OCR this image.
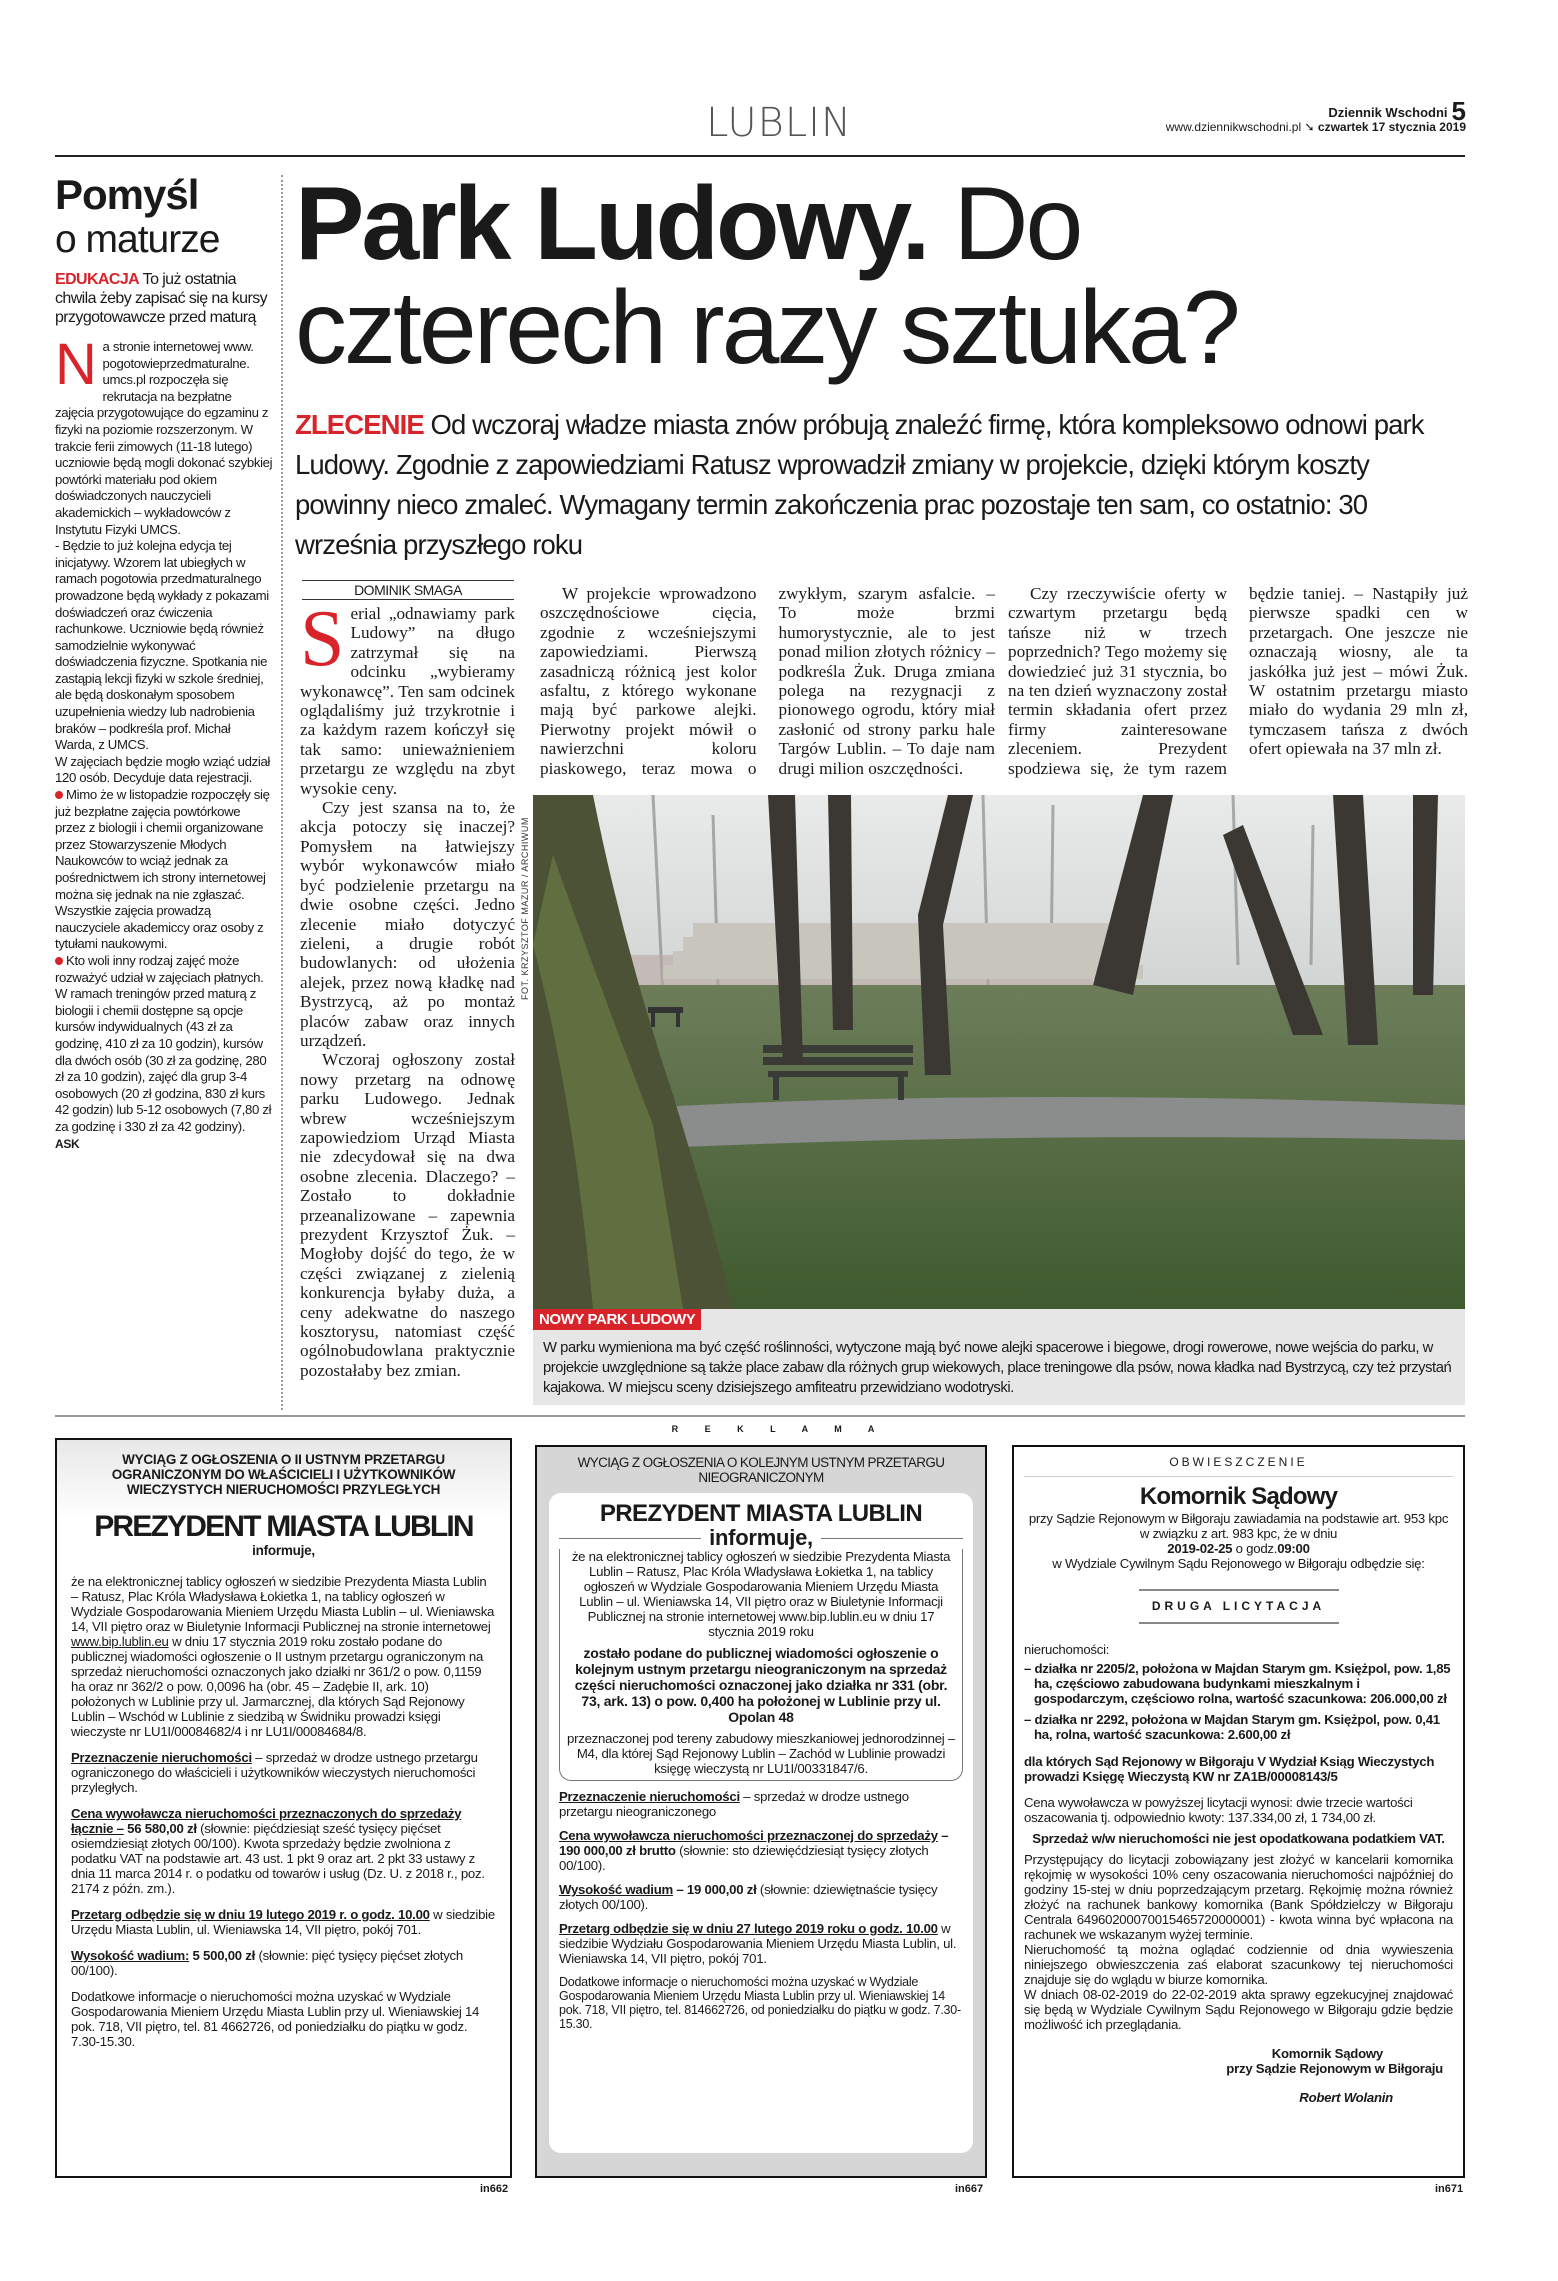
LUBLIN	Dziennik Wschodni 5
www.dziennikwschodni.pl ➘ czwartek 17 stycznia 2019
Pomyśl
o maturze
EDUKACJA To już ostatnia chwila żeby zapisać się na kursy przygotowawcze przed maturą

Na stronie internetowej www. pogotowieprzedmaturalne. umcs.pl rozpoczęła się rekrutacja na bezpłatne zajęcia przygotowujące do egzaminu z fizyki na poziomie rozszerzonym. W trakcie ferii zimowych (11-18 lutego) uczniowie będą mogli dokonać szybkiej powtórki materiału pod okiem doświadczonych nauczycieli akademickich – wykładowców z Instytutu Fizyki UMCS.

- Będzie to już kolejna edycja tej inicjatywy. Wzorem lat ubiegłych w ramach pogotowia przedmaturalnego prowadzone będą wykłady z pokazami doświadczeń oraz ćwiczenia rachunkowe. Uczniowie będą również samodzielnie wykonywać doświadczenia fizyczne. Spotkania nie zastąpią lekcji fizyki w szkole średniej, ale będą doskonałym sposobem uzupełnienia wiedzy lub nadrobienia braków – podkreśla prof. Michał Warda, z UMCS.

W zajęciach będzie mogło wziąć udział 120 osób. Decyduje data rejestracji.

Mimo że w listopadzie rozpoczęły się już bezpłatne zajęcia powtórkowe przez z biologii i chemii organizowane przez Stowarzyszenie Młodych Naukowców to wciąż jednak za pośrednictwem ich strony internetowej można się jednak na nie zgłaszać. Wszystkie zajęcia prowadzą nauczyciele akademiccy oraz osoby z tytułami naukowymi.

Kto woli inny rodzaj zajęć może rozważyć udział w zajęciach płatnych. W ramach treningów przed maturą z biologii i chemii dostępne są opcje kursów indywidualnych (43 zł za godzinę, 410 zł za 10 godzin), kursów dla dwóch osób (30 zł za godzinę, 280 zł za 10 godzin), zajęć dla grup 3-4 osobowych (20 zł godzina, 830 zł kurs 42 godzin) lub 5-12 osobowych (7,80 zł za godzinę i 330 zł za 42 godziny).

ASK
Park Ludowy. Do
czterech razy sztuka?
ZLECENIE Od wczoraj władze miasta znów próbują znaleźć firmę, która kompleksowo odnowi park Ludowy. Zgodnie z zapowiedziami Ratusz wprowadził zmiany w projekcie, dzięki którym koszty powinny nieco zmaleć. Wymagany termin zakończenia prac pozostaje ten sam, co ostatnio: 30 września przyszłego roku
DOMINIK SMAGA

Serial „odnawiamy park Ludowy” na długo zatrzymał się na odcinku „wybieramy wykonawcę”. Ten sam odcinek oglądaliśmy już trzykrotnie i za każdym razem kończył się tak samo: unieważnieniem przetargu ze względu na zbyt wysokie ceny.

Czy jest szansa na to, że akcja potoczy się inaczej? Pomysłem na łatwiejszy wybór wykonawców miało być podzielenie przetargu na dwie osobne części. Jedno zlecenie miało dotyczyć zieleni, a drugie robót budowlanych: od ułożenia alejek, przez nową kładkę nad Bystrzycą, aż po montaż placów zabaw oraz innych urządzeń.

Wczoraj ogłoszony został nowy przetarg na odnowę parku Ludowego. Jednak wbrew wcześniejszym zapowiedziom Urząd Miasta nie zdecydował się na dwa osobne zlecenia. Dlaczego? – Zostało to dokładnie przeanalizowane – zapewnia prezydent Krzysztof Żuk. – Mogłoby dojść do tego, że w części związanej z zielenią konkurencja byłaby duża, a ceny adekwatne do naszego kosztorysu, natomiast część ogólnobudowlana praktycznie pozostałaby bez zmian.

W projekcie wprowadzono oszczędnościowe cięcia, zgodnie z wcześniejszymi zapowiedziami. Pierwszą zasadniczą różnicą jest kolor asfaltu, z którego wykonane mają być parkowe alejki. Pierwotny projekt mówił o nawierzchni koloru piaskowego, teraz mowa o zwykłym, szarym asfalcie. – To może brzmi humorystycznie, ale to jest ponad milion złotych różnicy – podkreśla Żuk. Druga zmiana polega na rezygnacji z pionowego ogrodu, który miał zasłonić od strony parku hale Targów Lublin. – To daje nam drugi milion oszczędności.

Czy rzeczywiście oferty w czwartym przetargu będą tańsze niż w trzech poprzednich? Tego możemy się dowiedzieć już 31 stycznia, bo na ten dzień wyznaczony został termin składania ofert przez firmy zainteresowane zleceniem. Prezydent spodziewa się, że tym razem będzie taniej. – Nastąpiły już pierwsze spadki cen w przetargach. One jeszcze nie oznaczają wiosny, ale ta jaskółka już jest – mówi Żuk. W ostatnim przetargu miasto miało do wydania 29 mln zł, tymczasem tańsza z dwóch ofert opiewała na 37 mln zł.

FOT. KRZYSZTOF MAZUR / ARCHIWUM
NOWY PARK LUDOWY
W parku wymieniona ma być część roślinności, wytyczone mają być nowe alejki spacerowe i biegowe, drogi rowerowe, nowe wejścia do parku, w projekcie uwzględnione są także place zabaw dla różnych grup wiekowych, place treningowe dla psów, nowa kładka nad Bystrzycą, czy też przystań kajakowa. W miejscu sceny dzisiejszego amfiteatru przewidziano wodotryski.
R E K L A M A
WYCIĄG Z OGŁOSZENIA O II USTNYM PRZETARGU OGRANICZONYM DO WŁAŚCICIELI I UŻYTKOWNIKÓW WIECZYSTYCH NIERUCHOMOŚCI PRZYLEGŁYCH
PREZYDENT MIASTA LUBLIN
informuje,

że na elektronicznej tablicy ogłoszeń w siedzibie Prezydenta Miasta Lublin – Ratusz, Plac Króla Władysława Łokietka 1, na tablicy ogłoszeń w Wydziale Gospodarowania Mieniem Urzędu Miasta Lublin – ul. Wieniawska 14, VII piętro oraz w Biuletynie Informacji Publicznej na stronie internetowej www.bip.lublin.eu w dniu 17 stycznia 2019 roku zostało podane do publicznej wiadomości ogłoszenie o II ustnym przetargu ograniczonym na sprzedaż nieruchomości oznaczonych jako działki nr 361/2 o pow. 0,1159 ha oraz nr 362/2 o pow. 0,0096 ha (obr. 45 – Zadębie II, ark. 10) położonych w Lublinie przy ul. Jarmarcznej, dla których Sąd Rejonowy Lublin – Wschód w Lublinie z siedzibą w Świdniku prowadzi księgi wieczyste nr LU1I/00084682/4 i nr LU1I/00084684/8.

Przeznaczenie nieruchomości – sprzedaż w drodze ustnego przetargu ograniczonego do właścicieli i użytkowników wieczystych nieruchomości przyległych.

Cena wywoławcza nieruchomości przeznaczonych do sprzedaży łącznie – 56 580,00 zł (słownie: pięćdziesiąt sześć tysięcy pięćset osiemdziesiąt złotych 00/100). Kwota sprzedaży będzie zwolniona z podatku VAT na podstawie art. 43 ust. 1 pkt 9 oraz art. 2 pkt 33 ustawy z dnia 11 marca 2014 r. o podatku od towarów i usług (Dz. U. z 2018 r., poz. 2174 z późn. zm.).

Przetarg odbędzie się w dniu 19 lutego 2019 r. o godz. 10.00 w siedzibie Urzędu Miasta Lublin, ul. Wieniawska 14, VII piętro, pokój 701.

Wysokość wadium: 5 500,00 zł (słownie: pięć tysięcy pięćset złotych 00/100).

Dodatkowe informacje o nieruchomości można uzyskać w Wydziale Gospodarowania Mieniem Urzędu Miasta Lublin przy ul. Wieniawskiej 14 pok. 718, VII piętro, tel. 81 4662726, od poniedziałku do piątku w godz. 7.30-15.30.

in662
WYCIĄG Z OGŁOSZENIA O KOLEJNYM USTNYM PRZETARGU NIEOGRANICZONYM
PREZYDENT MIASTA LUBLIN
informuje,
że na elektronicznej tablicy ogłoszeń w siedzibie Prezydenta Miasta Lublin – Ratusz, Plac Króla Władysława Łokietka 1, na tablicy ogłoszeń w Wydziale Gospodarowania Mieniem Urzędu Miasta Lublin – ul. Wieniawska 14, VII piętro oraz w Biuletynie Informacji Publicznej na stronie internetowej www.bip.lublin.eu w dniu 17 stycznia 2019 roku
zostało podane do publicznej wiadomości ogłoszenie o kolejnym ustnym przetargu nieograniczonym na sprzedaż części nieruchomości oznaczonej jako działka nr 331 (obr. 73, ark. 13) o pow. 0,400 ha położonej w Lublinie przy ul. Opolan 48
przeznaczonej pod tereny zabudowy mieszkaniowej jednorodzinnej – M4, dla której Sąd Rejonowy Lublin – Zachód w Lublinie prowadzi księgę wieczystą nr LU1I/00331847/6.

Przeznaczenie nieruchomości – sprzedaż w drodze ustnego przetargu nieograniczonego

Cena wywoławcza nieruchomości przeznaczonej do sprzedaży – 190 000,00 zł brutto (słownie: sto dziewięćdziesiąt tysięcy złotych 00/100).

Wysokość wadium – 19 000,00 zł (słownie: dziewiętnaście tysięcy złotych 00/100).

Przetarg odbędzie się w dniu 27 lutego 2019 roku o godz. 10.00 w siedzibie Wydziału Gospodarowania Mieniem Urzędu Miasta Lublin, ul. Wieniawska 14, VII piętro, pokój 701.

Dodatkowe informacje o nieruchomości można uzyskać w Wydziale Gospodarowania Mieniem Urzędu Miasta Lublin przy ul. Wieniawskiej 14 pok. 718, VII piętro, tel. 814662726, od poniedziałku do piątku w godz. 7.30-15.30.

in667
OBWIESZCZENIE
Komornik Sądowy
przy Sądzie Rejonowym w Biłgoraju zawiadamia na podstawie art. 953 kpc w związku z art. 983 kpc, że w dniu
2019-02-25 o godz.09:00
w Wydziale Cywilnym Sądu Rejonowego w Biłgoraju odbędzie się:
DRUGA LICYTACJA
nieruchomości:
– działka nr 2205/2, położona w Majdan Starym gm. Księżpol, pow. 1,85 ha, częściowo zabudowana budynkami mieszkalnym i gospodarczym, częściowo rolna, wartość szacunkowa: 206.000,00 zł
– działka nr 2292, położona w Majdan Starym gm. Księżpol, pow. 0,41 ha, rolna, wartość szacunkowa: 2.600,00 zł

dla których Sąd Rejonowy w Biłgoraju V Wydział Ksiąg Wieczystych prowadzi Księgę Wieczystą KW nr ZA1B/00008143/5

Cena wywoławcza w powyższej licytacji wynosi: dwie trzecie wartości oszacowania tj. odpowiednio kwoty: 137.334,00 zł, 1 734,00 zł.
Sprzedaż w/w nieruchomości nie jest opodatkowana podatkiem VAT.
Przystępujący do licytacji zobowiązany jest złożyć w kancelarii komornika rękojmię w wysokości 10% ceny oszacowania nieruchomości najpóźniej do godziny 15-stej w dniu poprzedzającym przetarg. Rękojmię można również złożyć na rachunek bankowy komornika (Bank Spółdzielczy w Biłgoraju Centrala 64960200070015465720000001) - kwota winna być wpłacona na rachunek we wskazanym wyżej terminie.
Nieruchomość tą można oglądać codziennie od dnia wywieszenia niniejszego obwieszczenia zaś elaborat szacunkowy tej nieruchomości znajduje się do wglądu w biurze komornika.
W dniach 08-02-2019 do 22-02-2019 akta sprawy egzekucyjnej znajdować się będą w Wydziale Cywilnym Sądu Rejonowego w Biłgoraju gdzie będzie możliwość ich przeglądania.
Komornik Sądowy
przy Sądzie Rejonowym w Biłgoraju
Robert Wolanin
in671
